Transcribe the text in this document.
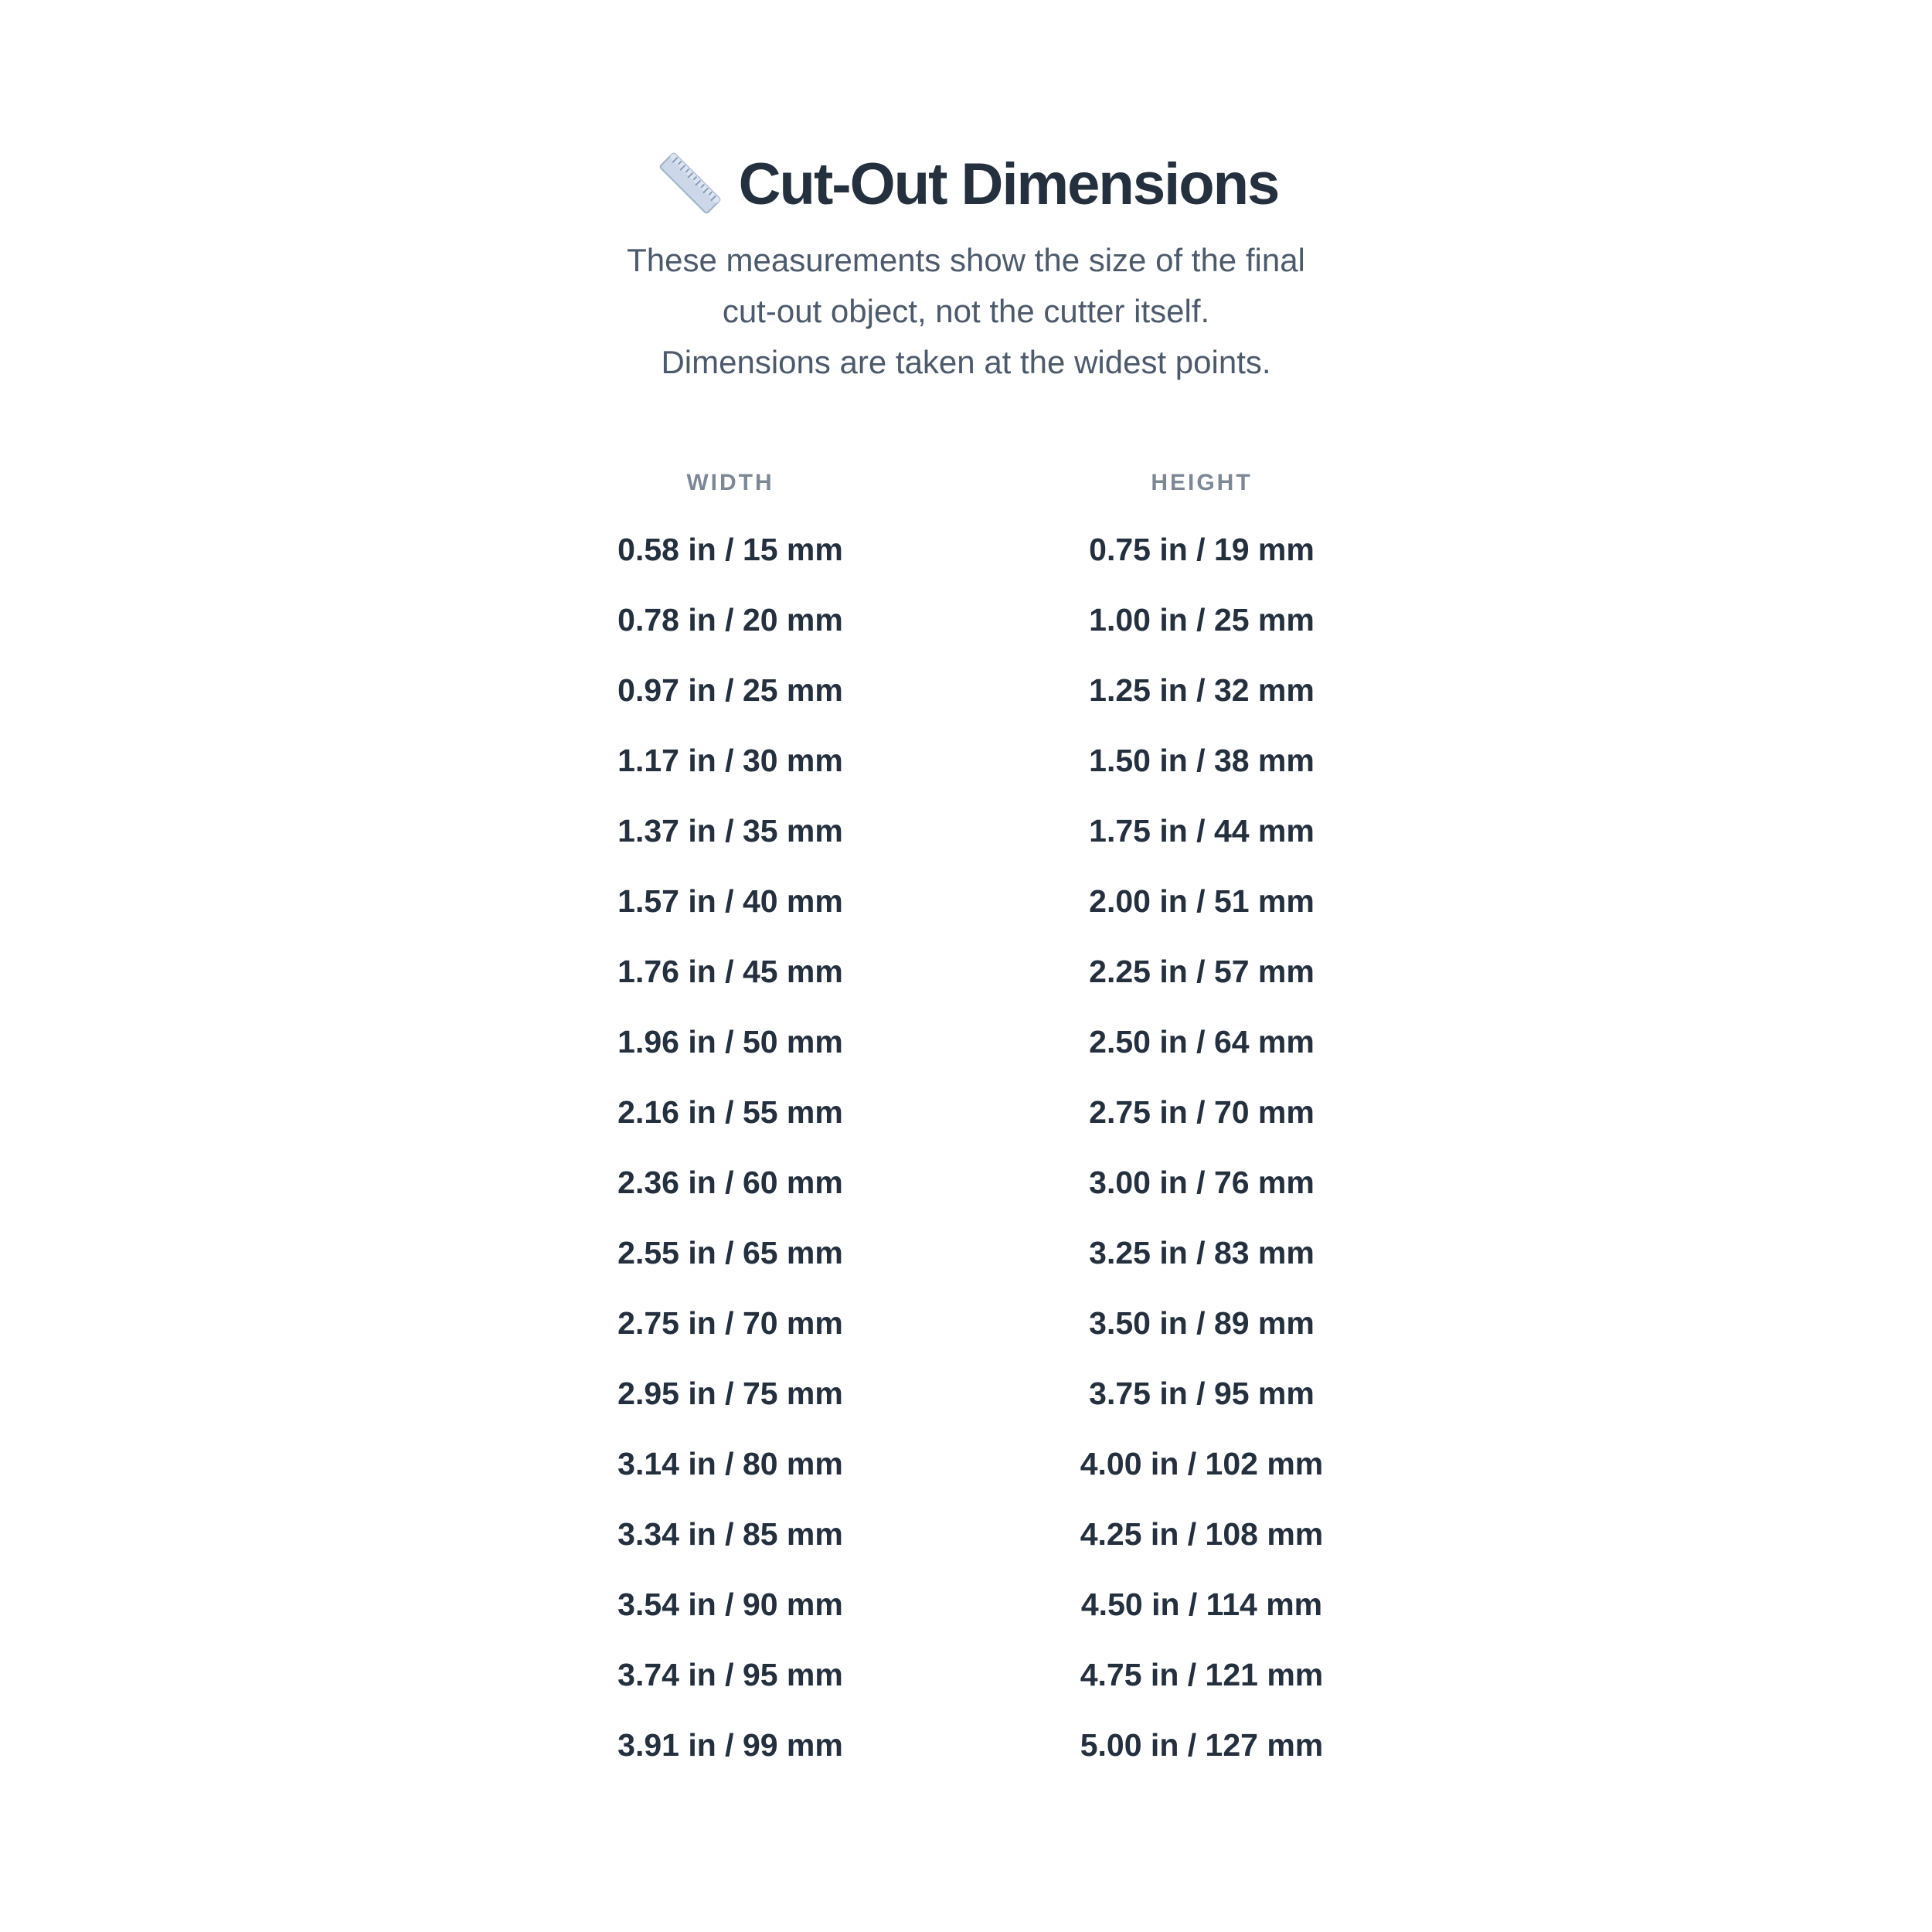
Cut-Out Dimensions
These measurements show the size of the final
cut-out object, not the cutter itself.
Dimensions are taken at the widest points.
WIDTH	HEIGHT
0.58 in / 15 mm	0.75 in / 19 mm
0.78 in / 20 mm	1.00 in / 25 mm
0.97 in / 25 mm	1.25 in / 32 mm
1.17 in / 30 mm	1.50 in / 38 mm
1.37 in / 35 mm	1.75 in / 44 mm
1.57 in / 40 mm	2.00 in / 51 mm
1.76 in / 45 mm	2.25 in / 57 mm
1.96 in / 50 mm	2.50 in / 64 mm
2.16 in / 55 mm	2.75 in / 70 mm
2.36 in / 60 mm	3.00 in / 76 mm
2.55 in / 65 mm	3.25 in / 83 mm
2.75 in / 70 mm	3.50 in / 89 mm
2.95 in / 75 mm	3.75 in / 95 mm
3.14 in / 80 mm	4.00 in / 102 mm
3.34 in / 85 mm	4.25 in / 108 mm
3.54 in / 90 mm	4.50 in / 114 mm
3.74 in / 95 mm	4.75 in / 121 mm
3.91 in / 99 mm	5.00 in / 127 mm
